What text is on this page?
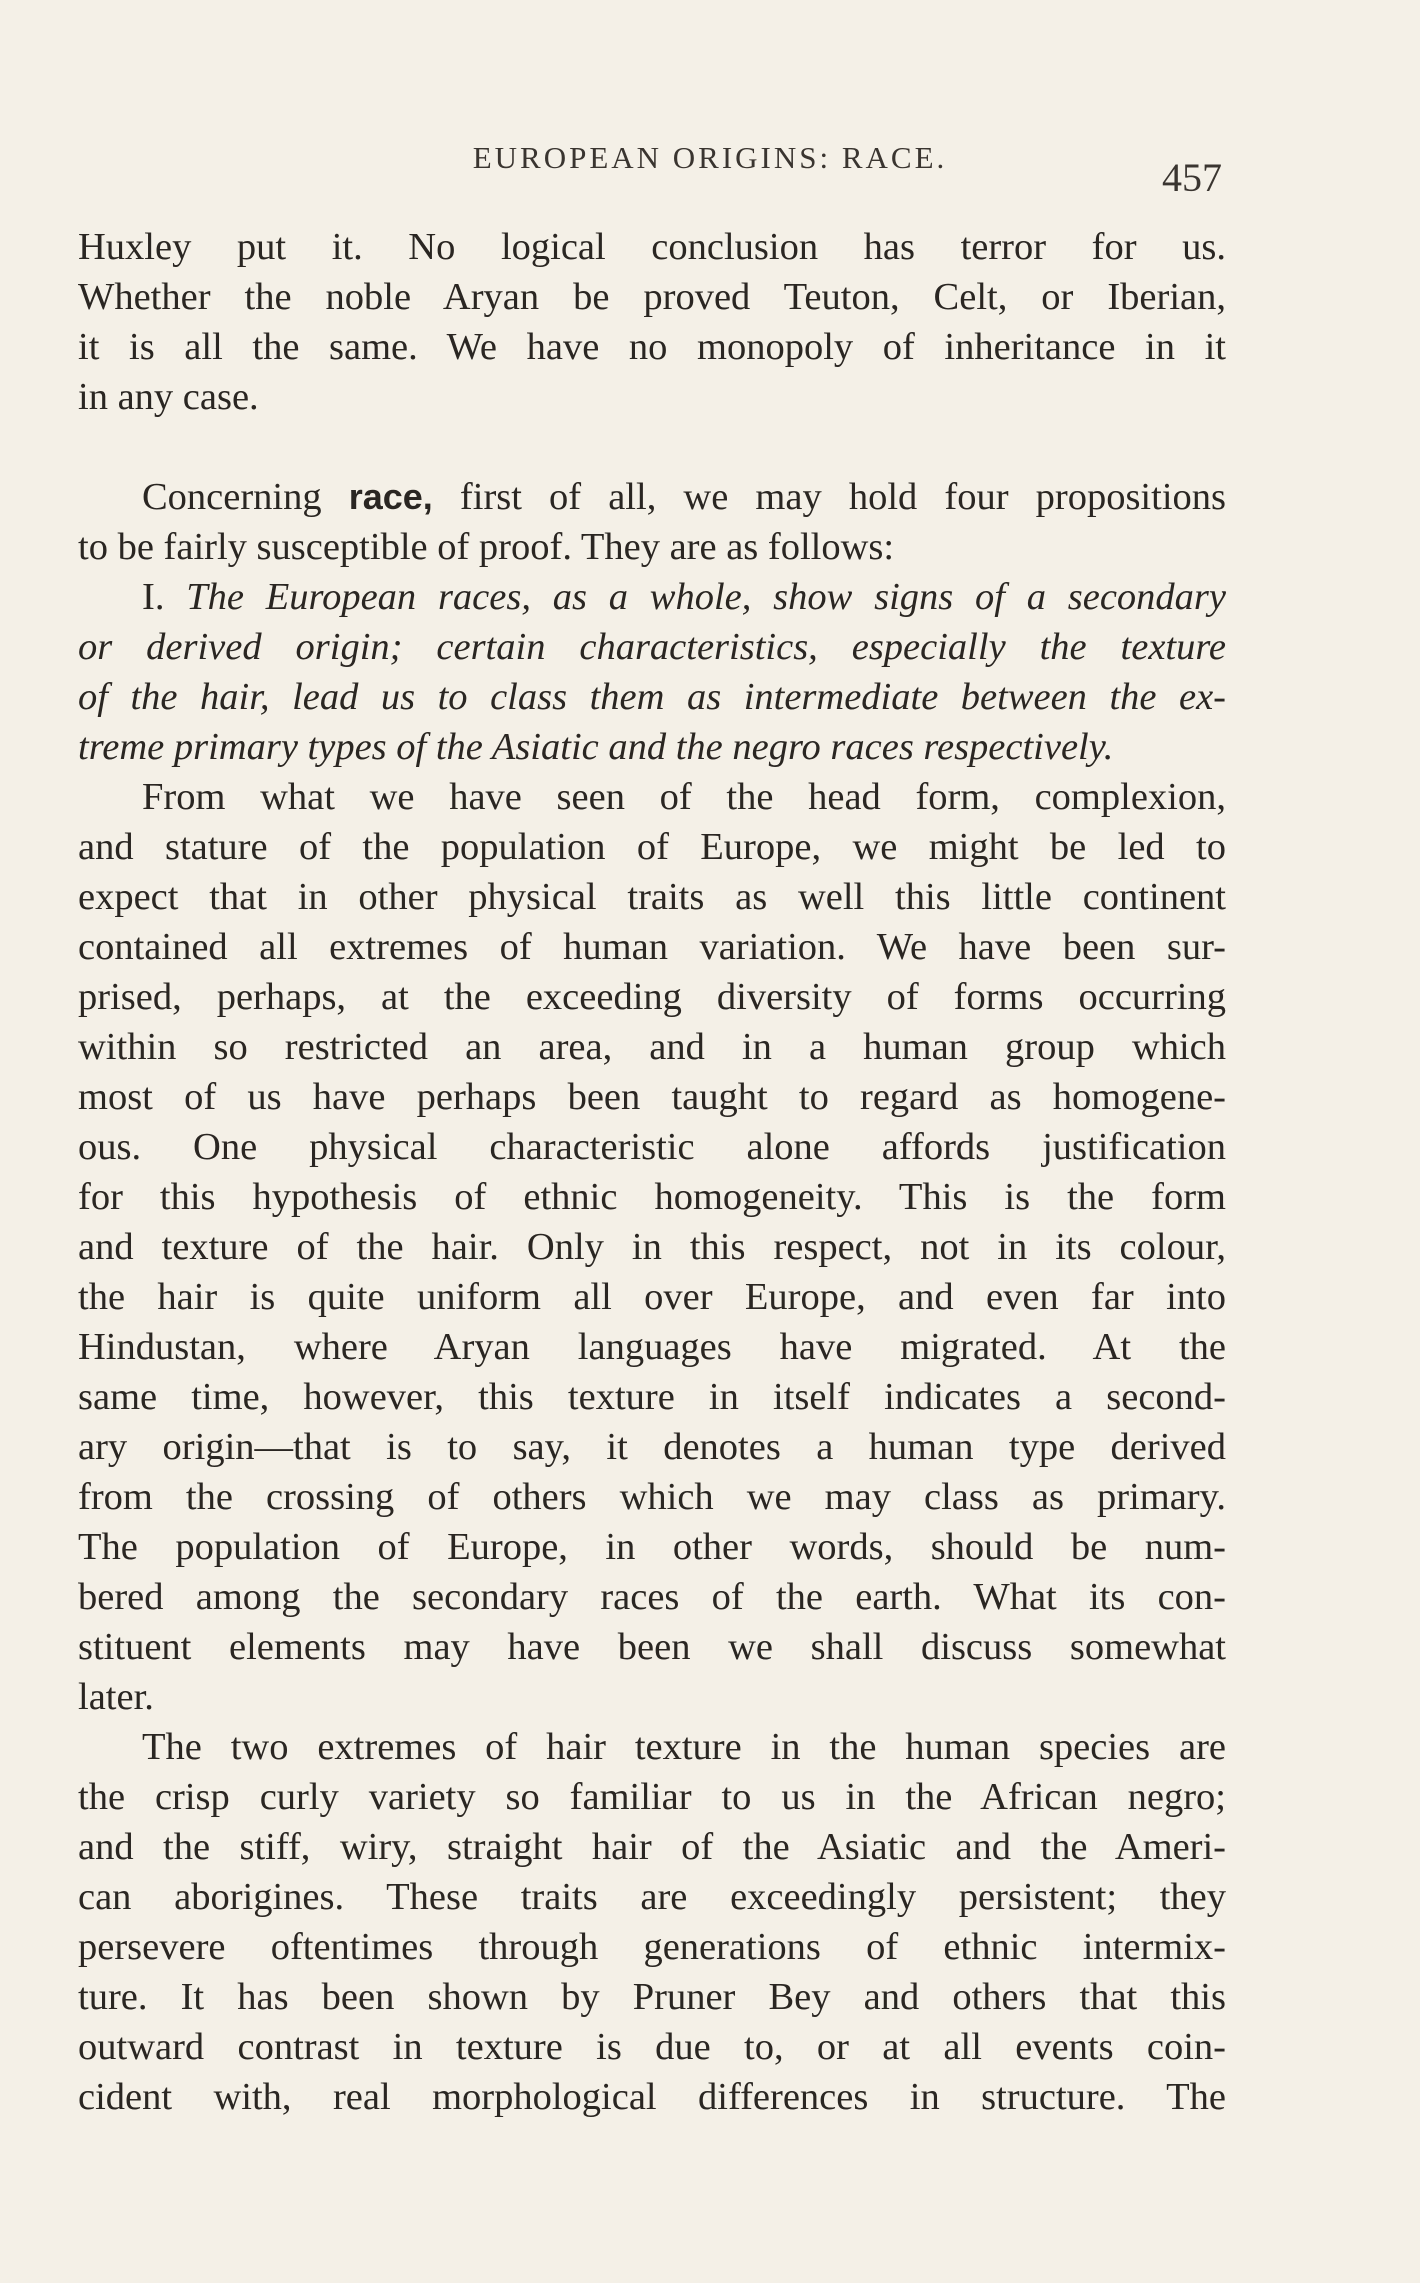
EUROPEAN ORIGINS: RACE.	457

Huxley put it. No logical conclusion has terror for us.
Whether the noble Aryan be proved Teuton, Celt, or Iberian,
it is all the same. We have no monopoly of inheritance in it
in any case.

Concerning race, first of all, we may hold four propositions
to be fairly susceptible of proof. They are as follows:

I. The European races, as a whole, show signs of a secondary
or derived origin; certain characteristics, especially the texture
of the hair, lead us to class them as intermediate between the ex-
treme primary types of the Asiatic and the negro races respectively.

From what we have seen of the head form, complexion,
and stature of the population of Europe, we might be led to
expect that in other physical traits as well this little continent
contained all extremes of human variation. We have been sur-
prised, perhaps, at the exceeding diversity of forms occurring
within so restricted an area, and in a human group which
most of us have perhaps been taught to regard as homogene-
ous. One physical characteristic alone affords justification
for this hypothesis of ethnic homogeneity. This is the form
and texture of the hair. Only in this respect, not in its colour,
the hair is quite uniform all over Europe, and even far into
Hindustan, where Aryan languages have migrated. At the
same time, however, this texture in itself indicates a second-
ary origin—that is to say, it denotes a human type derived
from the crossing of others which we may class as primary.
The population of Europe, in other words, should be num-
bered among the secondary races of the earth. What its con-
stituent elements may have been we shall discuss somewhat
later.

The two extremes of hair texture in the human species are
the crisp curly variety so familiar to us in the African negro;
and the stiff, wiry, straight hair of the Asiatic and the Ameri-
can aborigines. These traits are exceedingly persistent; they
persevere oftentimes through generations of ethnic intermix-
ture. It has been shown by Pruner Bey and others that this
outward contrast in texture is due to, or at all events coin-
cident with, real morphological differences in structure. The
